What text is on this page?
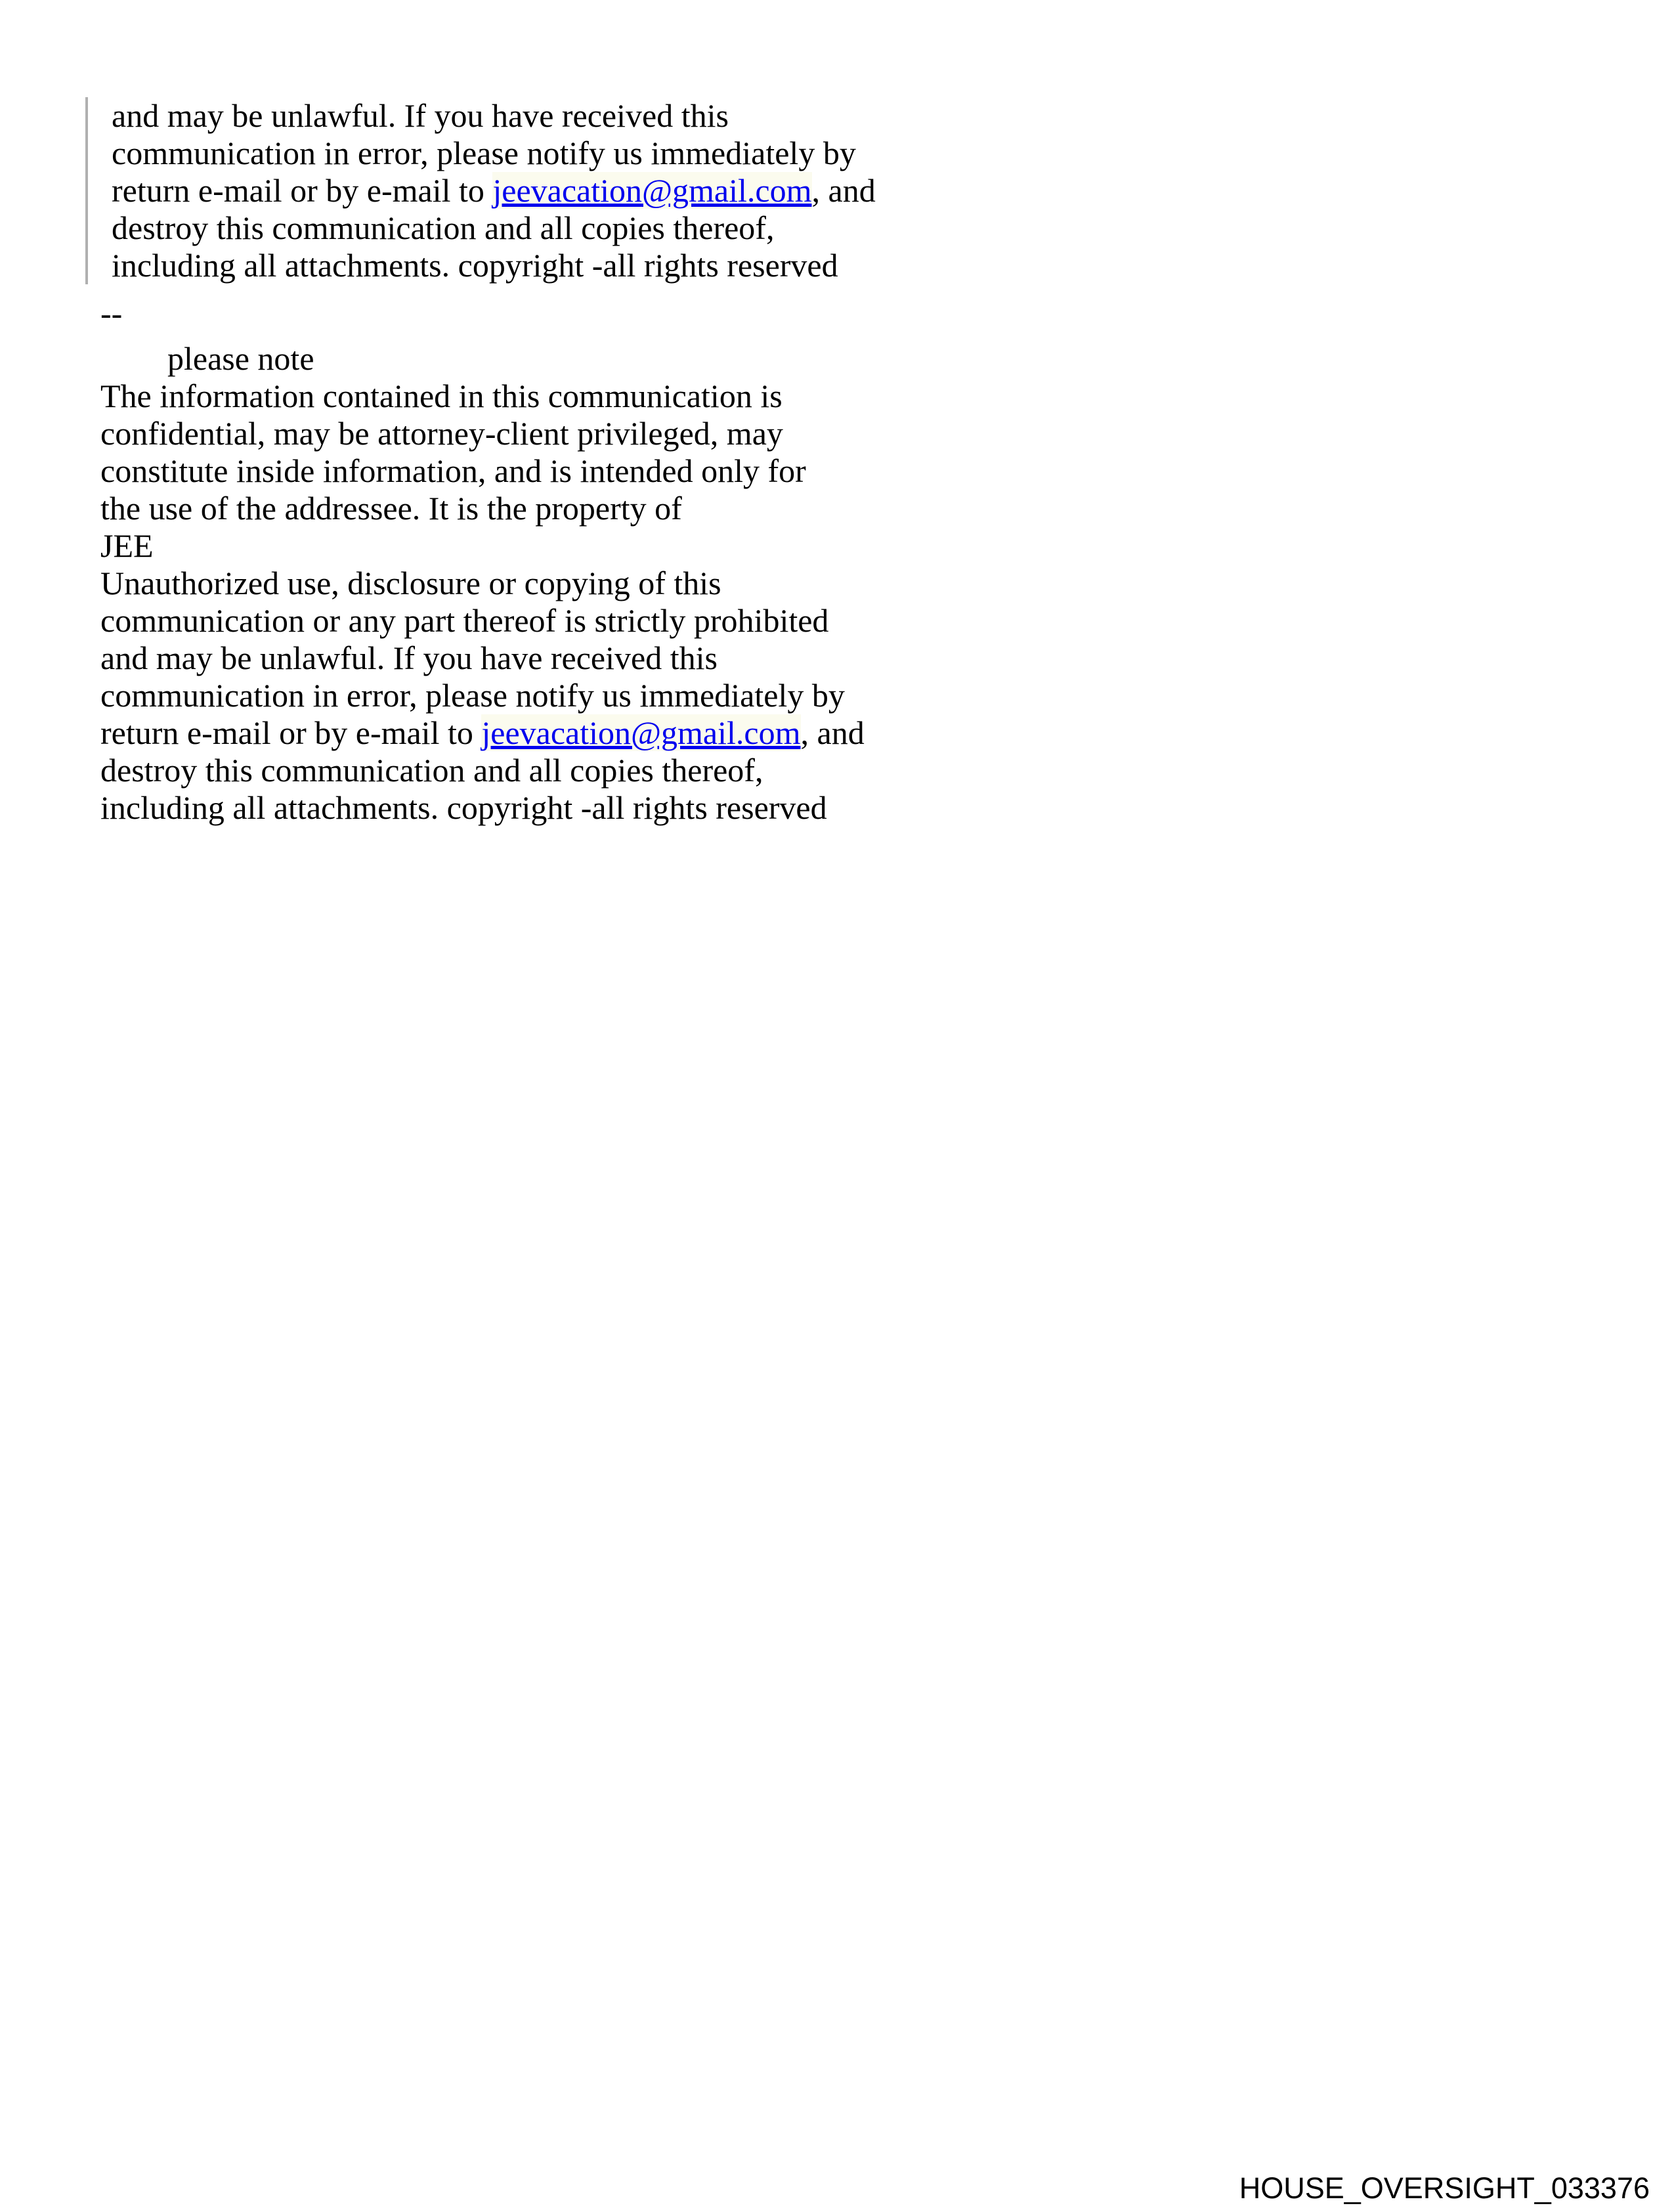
and may be unlawful. If you have received this
communication in error, please notify us immediately by
return e-mail or by e-mail to jeevacation@gmail.com, and
destroy this communication and all copies thereof,
including all attachments. copyright -all rights reserved
--
please note
The information contained in this communication is
confidential, may be attorney-client privileged, may
constitute inside information, and is intended only for
the use of the addressee. It is the property of
JEE
Unauthorized use, disclosure or copying of this
communication or any part thereof is strictly prohibited
and may be unlawful. If you have received this
communication in error, please notify us immediately by
return e-mail or by e-mail to jeevacation@gmail.com, and
destroy this communication and all copies thereof,
including all attachments. copyright -all rights reserved
HOUSE_OVERSIGHT_033376
